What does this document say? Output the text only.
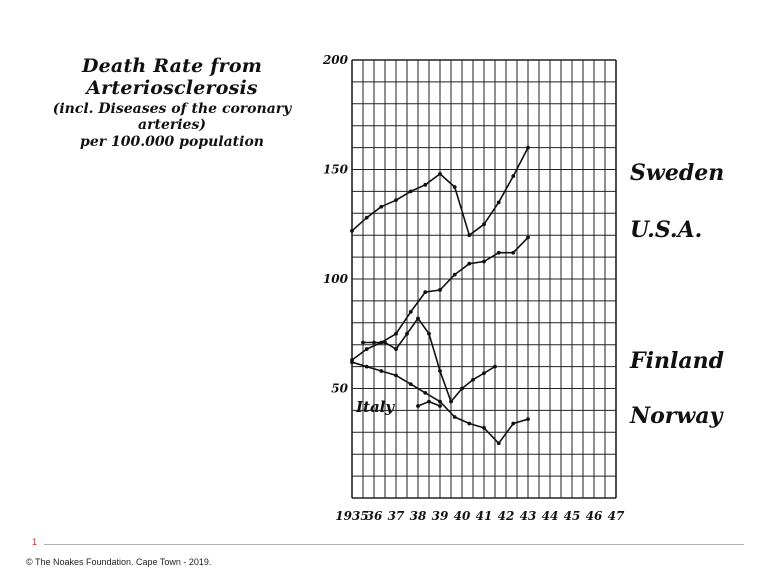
Death Rate from Arteriosclerosis
(incl. Diseases of the coronary arteries)
per 100.000 population
50
100
150
200
1935
36 37 38 39 40 41 42 43 44 45 46 47
Sweden
U.S.A.
Finland
Norway
Italy
1
© The Noakes Foundation. Cape Town - 2019.
